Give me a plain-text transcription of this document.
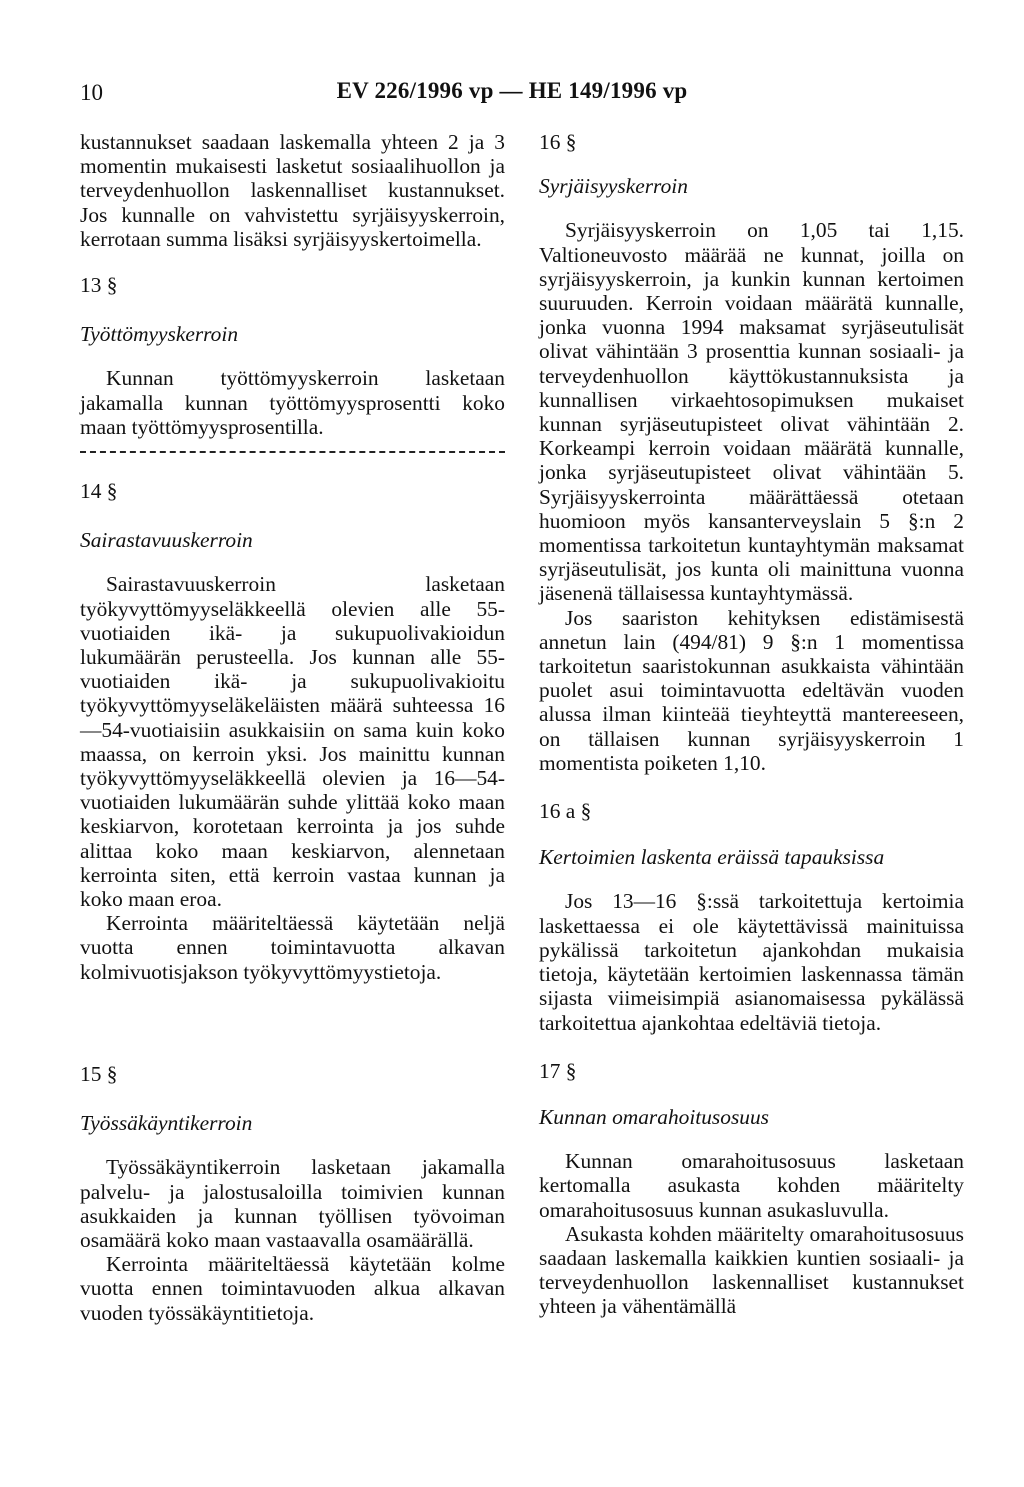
10	EV 226/1996 vp — HE 149/1996 vp

kustannukset saadaan laskemalla yhteen 2 ja 3 momentin mukaisesti lasketut sosiaalihuollon ja terveydenhuollon laskennalliset kustannukset. Jos kunnalle on vahvistettu syrjäisyyskerroin, kerrotaan summa lisäksi syrjäisyyskertoimella.

13 §

Työttömyyskerroin

Kunnan työttömyyskerroin lasketaan jakamalla kunnan työttömyysprosentti koko maan työttömyysprosentilla.

14 §

Sairastavuuskerroin

Sairastavuuskerroin lasketaan työkyvyttömyyseläkkeellä olevien alle 55-vuotiaiden ikä- ja sukupuolivakioidun lukumäärän perusteella. Jos kunnan alle 55-vuotiaiden ikä- ja sukupuolivakioitu työkyvyttömyyseläkeläisten määrä suhteessa 16—54-vuotiaisiin asukkaisiin on sama kuin koko maassa, on kerroin yksi. Jos mainittu kunnan työkyvyttömyyseläkkeellä olevien ja 16—54-vuotiaiden lukumäärän suhde ylittää koko maan keskiarvon, korotetaan kerrointa ja jos suhde alittaa koko maan keskiarvon, alennetaan kerrointa siten, että kerroin vastaa kunnan ja koko maan eroa.

Kerrointa määriteltäessä käytetään neljä vuotta ennen toimintavuotta alkavan kolmivuotisjakson työkyvyttömyystietoja.

15 §

Työssäkäyntikerroin

Työssäkäyntikerroin lasketaan jakamalla palvelu- ja jalostusaloilla toimivien kunnan asukkaiden ja kunnan työllisen työvoiman osamäärä koko maan vastaavalla osamäärällä.

Kerrointa määriteltäessä käytetään kolme vuotta ennen toimintavuoden alkua alkavan vuoden työssäkäyntitietoja.

16 §

Syrjäisyyskerroin

Syrjäisyyskerroin on 1,05 tai 1,15. Valtioneuvosto määrää ne kunnat, joilla on syrjäisyyskerroin, ja kunkin kunnan kertoimen suuruuden. Kerroin voidaan määrätä kunnalle, jonka vuonna 1994 maksamat syrjäseutulisät olivat vähintään 3 prosenttia kunnan sosiaali- ja terveydenhuollon käyttökustannuksista ja kunnallisen virkaehtosopimuksen mukaiset kunnan syrjäseutupisteet olivat vähintään 2. Korkeampi kerroin voidaan määrätä kunnalle, jonka syrjäseutupisteet olivat vähintään 5. Syrjäisyyskerrointa määrättäessä otetaan huomioon myös kansanterveyslain 5 §:n 2 momentissa tarkoitetun kuntayhtymän maksamat syrjäseutulisät, jos kunta oli mainittuna vuonna jäsenenä tällaisessa kuntayhtymässä.

Jos saariston kehityksen edistämisestä annetun lain (494/81) 9 §:n 1 momentissa tarkoitetun saaristokunnan asukkaista vähintään puolet asui toimintavuotta edeltävän vuoden alussa ilman kiinteää tieyhteyttä mantereeseen, on tällaisen kunnan syrjäisyyskerroin 1 momentista poiketen 1,10.

16 a §

Kertoimien laskenta eräissä tapauksissa

Jos 13—16 §:ssä tarkoitettuja kertoimia laskettaessa ei ole käytettävissä mainituissa pykälissä tarkoitetun ajankohdan mukaisia tietoja, käytetään kertoimien laskennassa tämän sijasta viimeisimpiä asianomaisessa pykälässä tarkoitettua ajankohtaa edeltäviä tietoja.

17 §

Kunnan omarahoitusosuus

Kunnan omarahoitusosuus lasketaan kertomalla asukasta kohden määritelty omarahoitusosuus kunnan asukasluvulla.

Asukasta kohden määritelty omarahoitusosuus saadaan laskemalla kaikkien kuntien sosiaali- ja terveydenhuollon laskennalliset kustannukset yhteen ja vähentämällä
